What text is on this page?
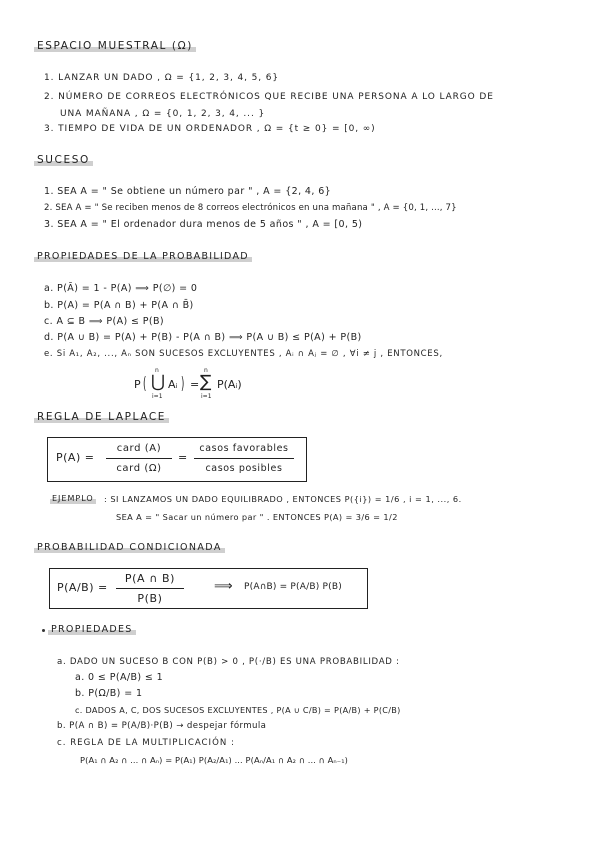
ESPACIO MUESTRAL (Ω)
1. LANZAR UN DADO , Ω = {1, 2, 3, 4, 5, 6}
2. NÚMERO DE CORREOS ELECTRÓNICOS QUE RECIBE UNA PERSONA A LO LARGO DE
UNA MAÑANA , Ω = {0, 1, 2, 3, 4, ... }
3. TIEMPO DE VIDA DE UN ORDENADOR , Ω = {t ≥ 0} = [0, ∞)
SUCESO
1. SEA A = " Se obtiene un número par " , A = {2, 4, 6}
2. SEA A = " Se reciben menos de 8 correos electrónicos en una mañana " , A = {0, 1, ..., 7}
3. SEA A = " El ordenador dura menos de 5 años " , A = [0, 5)
PROPIEDADES DE LA PROBABILIDAD
a. P(Ā) = 1 - P(A) ⟹ P(∅) = 0
b. P(A) = P(A ∩ B) + P(A ∩ B̄)
c. A ⊆ B ⟹ P(A) ≤ P(B)
d. P(A ∪ B) = P(A) + P(B) - P(A ∩ B) ⟹ P(A ∪ B) ≤ P(A) + P(B)
e. Si A₁, A₂, ..., Aₙ SON SUCESOS EXCLUYENTES , Aᵢ ∩ Aⱼ = ∅ , ∀i ≠ j , ENTONCES,
P (
n
⋃
i=1
Aᵢ ) =
n
∑
i=1
P(Aᵢ)
REGLA DE LAPLACE
P(A) =
card (A)
card (Ω)
=
casos favorables
casos posibles
EJEMPLO : SI LANZAMOS UN DADO EQUILIBRADO , ENTONCES P({i}) = 1/6 , i = 1, ..., 6.
SEA A = " Sacar un número par " . ENTONCES P(A) = 3/6 = 1/2
PROBABILIDAD CONDICIONADA
P(A/B) =
P(A ∩ B)
P(B)
⟹ P(A∩B) = P(A/B) P(B)
PROPIEDADES
a. DADO UN SUCESO B CON P(B) > 0 , P(·/B) ES UNA PROBABILIDAD :
a. 0 ≤ P(A/B) ≤ 1
b. P(Ω/B) = 1
c. DADOS A, C, DOS SUCESOS EXCLUYENTES , P(A ∪ C/B) = P(A/B) + P(C/B)
b. P(A ∩ B) = P(A/B)·P(B) → despejar fórmula
c. REGLA DE LA MULTIPLICACIÓN :
P(A₁ ∩ A₂ ∩ ... ∩ Aₙ) = P(A₁) P(A₂/A₁) ... P(Aₙ/A₁ ∩ A₂ ∩ ... ∩ Aₙ₋₁)
